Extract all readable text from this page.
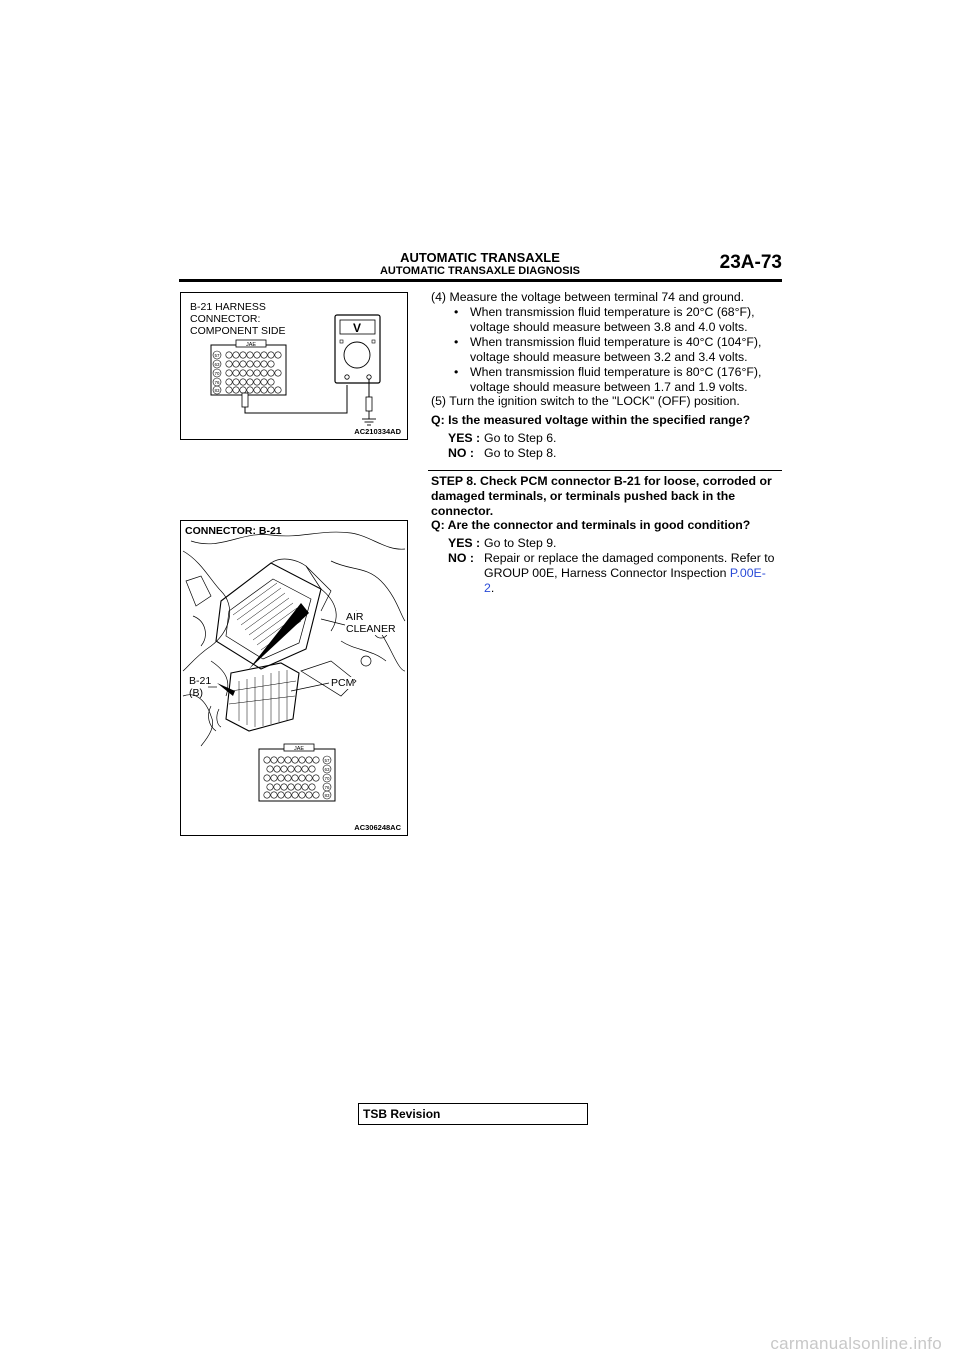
AUTOMATIC TRANSAXLE
AUTOMATIC TRANSAXLE DIAGNOSIS	23A-73
B-21 HARNESS
CONNECTOR:
COMPONENT SIDE
57
63
70
76
83
JAE
V
AC210334AD
57
63
70
76
83
JAE
CONNECTOR: B-21
AIR
CLEANER
PCM
B-21
(B)
AC306248AC
(4) Measure the voltage between terminal 74 and ground.
• When transmission fluid temperature is 20°C (68°F),
voltage should measure between 3.8 and 4.0 volts.
• When transmission fluid temperature is 40°C (104°F),
voltage should measure between 3.2 and 3.4 volts.
• When transmission fluid temperature is 80°C (176°F),
voltage should measure between 1.7 and 1.9 volts.
(5) Turn the ignition switch to the "LOCK" (OFF) position.
Q: Is the measured voltage within the specified range?
YES : Go to Step 6.
NO : Go to Step 8.
STEP 8. Check PCM connector B-21 for loose, corroded or
damaged terminals, or terminals pushed back in the
connector.
Q: Are the connector and terminals in good condition?
YES : Go to Step 9.
NO : Repair or replace the damaged components. Refer to
GROUP 00E, Harness Connector Inspection P.00E-
2.
TSB Revision
carmanualsonline.info
